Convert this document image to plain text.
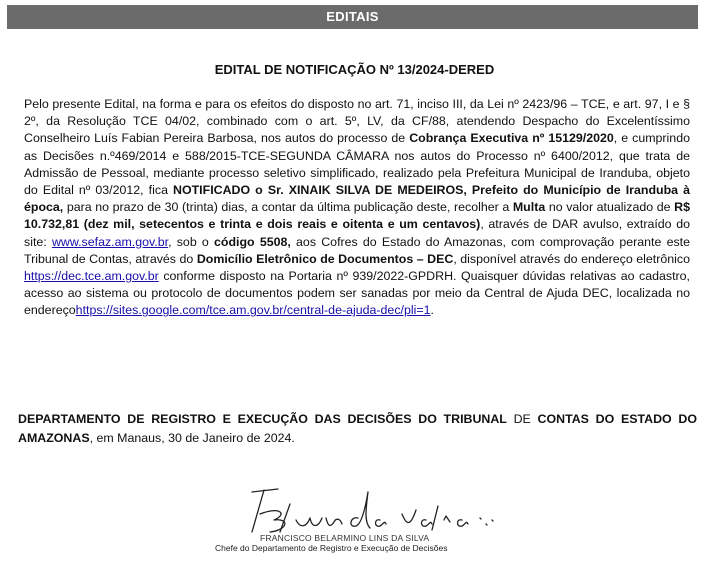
EDITAIS
EDITAL DE NOTIFICAÇÃO Nº 13/2024-DERED
Pelo presente Edital, na forma e para os efeitos do disposto no art. 71, inciso III, da Lei nº 2423/96 – TCE, e art. 97, I e § 2º, da Resolução TCE 04/02, combinado com o art. 5º, LV, da CF/88, atendendo Despacho do Excelentíssimo Conselheiro Luís Fabian Pereira Barbosa, nos autos do processo de Cobrança Executiva nº 15129/2020, e cumprindo as Decisões n.º469/2014 e 588/2015-TCE-SEGUNDA CÂMARA nos autos do Processo nº 6400/2012, que trata de Admissão de Pessoal, mediante processo seletivo simplificado, realizado pela Prefeitura Municipal de Iranduba, objeto do Edital nº 03/2012, fica NOTIFICADO o Sr. XINAIK SILVA DE MEDEIROS, Prefeito do Município de Iranduba à época, para no prazo de 30 (trinta) dias, a contar da última publicação deste, recolher a Multa no valor atualizado de R$ 10.732,81 (dez mil, setecentos e trinta e dois reais e oitenta e um centavos), através de DAR avulso, extraído do site: www.sefaz.am.gov.br, sob o código 5508, aos Cofres do Estado do Amazonas, com comprovação perante este Tribunal de Contas, através do Domicílio Eletrônico de Documentos – DEC, disponível através do endereço eletrônico https://dec.tce.am.gov.br conforme disposto na Portaria nº 939/2022-GPDRH. Quaisquer dúvidas relativas ao cadastro, acesso ao sistema ou protocolo de documentos podem ser sanadas por meio da Central de Ajuda DEC, localizada no endereçohttps://sites.google.com/tce.am.gov.br/central-de-ajuda-dec/pli=1.
DEPARTAMENTO DE REGISTRO E EXECUÇÃO DAS DECISÕES DO TRIBUNAL DE CONTAS DO ESTADO DO AMAZONAS, em Manaus, 30 de Janeiro de 2024.
FRANCISCO BELARMINO LINS DA SILVA
Chefe do Departamento de Registro e Execução de Decisões
